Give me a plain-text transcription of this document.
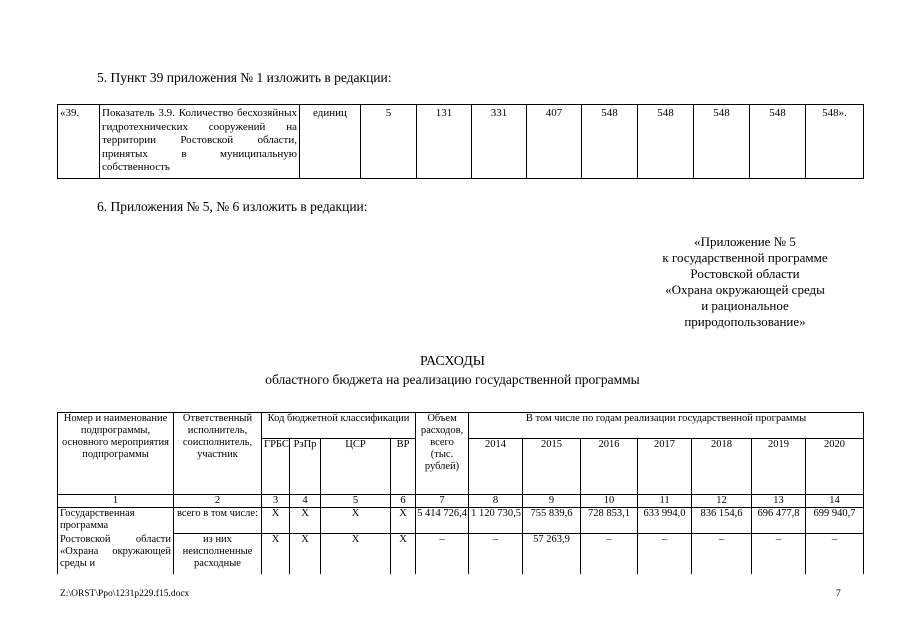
5. Пункт 39 приложения № 1 изложить в редакции:
«39.	Показатель 3.9. Количество бесхозяйных гидротехнических сооружений на территории Ростовской области, принятых в муниципальную собственность	единиц	5	131	331	407	548	548	548	548	548».
6. Приложения № 5, № 6 изложить в редакции:
«Приложение № 5
к государственной программе
Ростовской области
«Охрана окружающей среды
и рациональное
природопользование»
РАСХОДЫ
областного бюджета на реализацию государственной программы
Номер и наименование подпрограммы, основного мероприятия подпрограммы	Ответственный исполнитель, соисполнитель, участник	Код бюджетной классификации				Объем расходов, всего (тыс. рублей)	В том числе по годам реализации государственной программы						
		ГРБС	РзПр	ЦСР	ВР		2014	2015	2016	2017	2018	2019	2020
1	2	3	4	5	6	7	8	9	10	11	12	13	14
Государственная программа	всего в том числе:	X	X	X	X	5 414 726,4	1 120 730,5	755 839,6	728 853,1	633 994,0	836 154,6	696 477,8	699 940,7
Ростовской области «Охрана окружающей среды и	из них неисполненные расходные	X	X	X	X	–	–	57 263,9	–	–	–	–	–
Z:\ORST\Ppo\1231p229.f15.docx	7
